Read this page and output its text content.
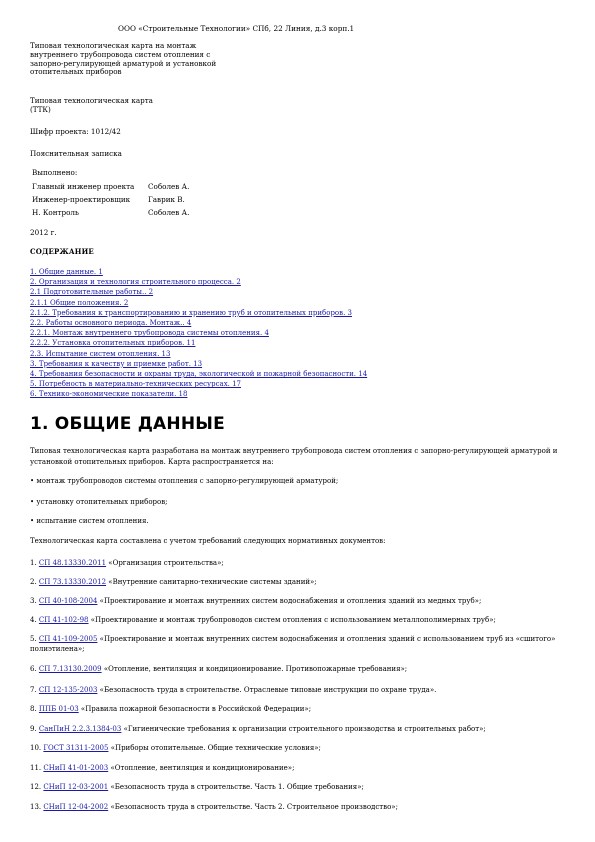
ООО «Строительные Технологии» СПб, 22 Линия, д.3 корп.1
Типовая технологическая карта на монтаж
внутреннего трубопровода систем отопления с
запорно-регулирующей арматурой и установкой
отопительных приборов
Типовая технологическая карта
(ТТК)
Шифр проекта: 1012/42
Пояснительная записка
Выполнено:
Главный инженер проекта Соболев А.
Инженер-проектировщик Гаврик В.
Н. Контроль	Соболев А.
2012 г.
СОДЕРЖАНИЕ
1. Общие данные. 1
2. Организация и технология строительного процесса. 2
2.1 Подготовительные работы.. 2
2.1.1 Общие положения. 2
2.1.2. Требования к транспортированию и хранению труб и отопительных приборов. 3
2.2. Работы основного периода. Монтаж.. 4
2.2.1. Монтаж внутреннего трубопровода системы отопления. 4
2.2.2. Установка отопительных приборов. 11
2.3. Испытание систем отопления. 13
3. Требования к качеству и приемке работ. 13
4. Требования безопасности и охраны труда, экологической и пожарной безопасности. 14
5. Потребность в материально-технических ресурсах. 17
6. Технико-экономические показатели. 18
1. ОБЩИЕ ДАННЫЕ
Типовая технологическая карта разработана на монтаж внутреннего трубопровода систем отопления с запорно-регулирующей арматурой и установкой отопительных приборов. Карта распространяется на:
• монтаж трубопроводов системы отопления с запорно-регулирующей арматурой;
• установку отопительных приборов;
• испытание систем отопления.
Технологическая карта составлена с учетом требований следующих нормативных документов:
1. СП 48.13330.2011 «Организация строительства»;
2. СП 73.13330.2012 «Внутренние санитарно-технические системы зданий»;
3. СП 40-108-2004 «Проектирование и монтаж внутренних систем водоснабжения и отопления зданий из медных труб»;
4. СП 41-102-98 «Проектирование и монтаж трубопроводов систем отопления с использованием металлополимерных труб»;
5. СП 41-109-2005 «Проектирование и монтаж внутренних систем водоснабжения и отопления зданий с использованием труб из «сшитого» полиэтилена»;
6. СП 7.13130.2009 «Отопление, вентиляция и кондиционирование. Противопожарные требования»;
7. СП 12-135-2003 «Безопасность труда в строительстве. Отраслевые типовые инструкции по охране труда».
8. ППБ 01-03 «Правила пожарной безопасности в Российской Федерации»;
9. СанПиН 2.2.3.1384-03 «Гигиенические требования к организации строительного производства и строительных работ»;
10. ГОСТ 31311-2005 «Приборы отопительные. Общие технические условия»;
11. СНиП 41-01-2003 «Отопление, вентиляция и кондиционирование»;
12. СНиП 12-03-2001 «Безопасность труда в строительстве. Часть 1. Общие требования»;
13. СНиП 12-04-2002 «Безопасность труда в строительстве. Часть 2. Строительное производство»;
